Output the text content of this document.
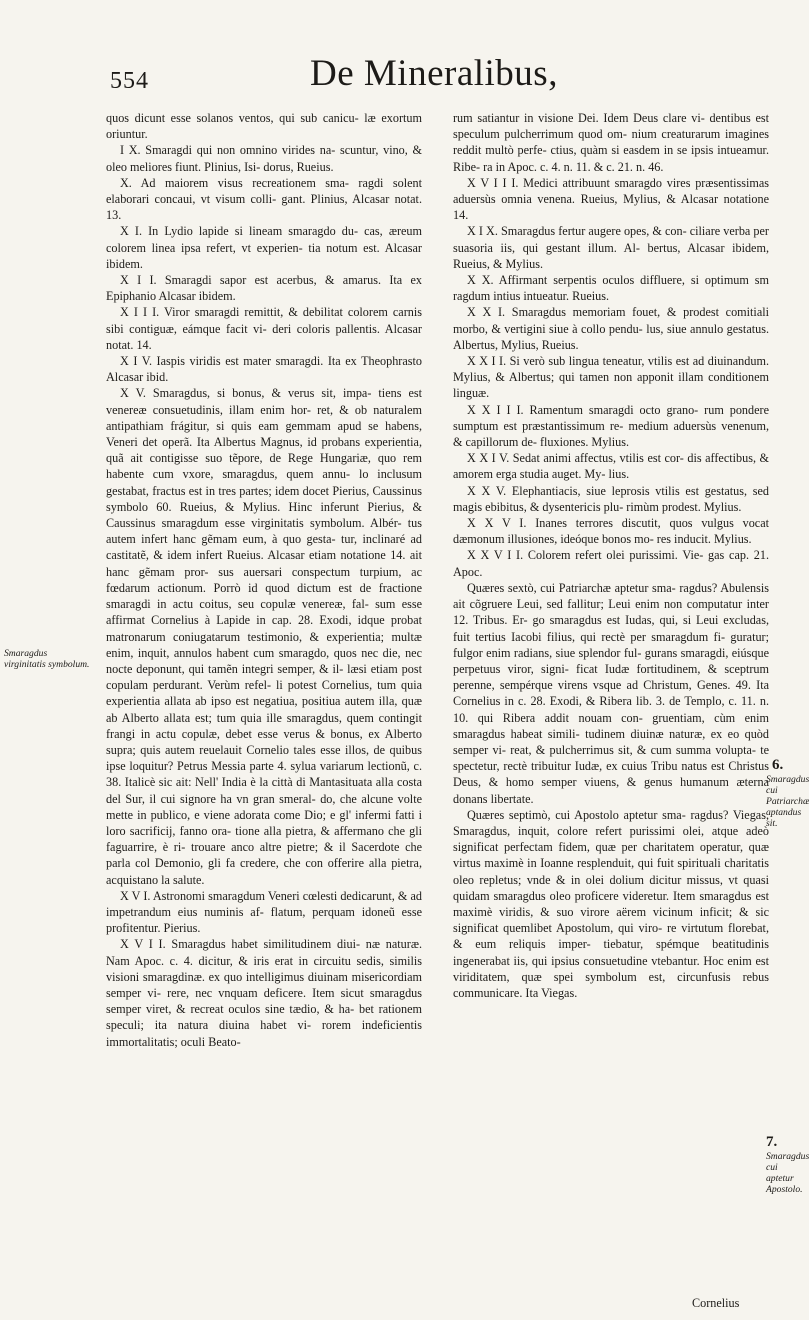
554	De Mineralibus,

quos dicunt esse solanos ventos, qui sub canicu- læ exortum oriuntur.

I X. Smaragdi qui non omnino virides na- scuntur, vino, & oleo meliores fiunt. Plinius, Isi- dorus, Rueius.

X. Ad maiorem visus recreationem sma- ragdi solent elaborari concaui, vt visum colli- gant. Plinius, Alcasar notat. 13.

X I. In Lydio lapide si lineam smaragdo du- cas, æreum colorem linea ipsa refert, vt experien- tia notum est. Alcasar ibidem.

X I I. Smaragdi sapor est acerbus, & amarus. Ita ex Epiphanio Alcasar ibidem.

X I I I. Viror smaragdi remittit, & debilitat colorem carnis sibi contiguæ, eámque facit vi- deri coloris pallentis. Alcasar notat. 14.

X I V. Iaspis viridis est mater smaragdi. Ita ex Theophrasto Alcasar ibid.

X V. Smaragdus, si bonus, & verus sit, impa- tiens est venereæ consuetudinis, illam enim hor- ret, & ob naturalem antipathiam frágitur, si quis eam gemmam apud se habens, Veneri det operã. Ita Albertus Magnus, id probans experientia, quã ait contigisse suo tẽpore, de Rege Hungariæ, quo rem habente cum vxore, smaragdus, quem annu- lo inclusum gestabat, fractus est in tres partes; idem docet Pierius, Caussinus symbolo 60. Rueius, & Mylius. Hinc inferunt Pierius, & Caussinus smaragdum esse virginitatis symbolum. Albér- tus autem infert hanc gẽmam eum, à quo gesta- tur, inclinaré ad castitatẽ, & idem infert Rueius. Alcasar etiam notatione 14. ait hanc gẽmam pror- sus auersari conspectum turpium, ac fœdarum actionum. Porrò id quod dictum est de fractione smaragdi in actu coitus, seu copulæ venereæ, fal- sum esse affirmat Cornelius à Lapide in cap. 28. Exodi, idque probat matronarum coniugatarum testimonio, & experientia; multæ enim, inquit, annulos habent cum smaragdo, quos nec die, nec nocte deponunt, qui tamẽn integri semper, & il- læsi etiam post copulam perdurant. Verùm refel- li potest Cornelius, tum quia experientia allata ab ipso est negatiua, positiua autem illa, quæ ab Alberto allata est; tum quia ille smaragdus, quem contingit frangi in actu copulæ, debet esse verus & bonus, ex Alberto supra; quis autem reuelauit Cornelio tales esse illos, de quibus ipse loquitur? Petrus Messia parte 4. sylua variarum lectionũ, c. 38. Italicè sic ait: Nell' India è la città di Mantasituata alla costa del Sur, il cui signore ha vn gran smeral- do, che alcune volte mette in publico, e viene adorata come Dio; e gl' infermi fatti i loro sacrificij, fanno ora- tione alla pietra, & affermano che gli faguarrire, è ri- trouare anco altre pietre; & il Sacerdote che parla col Demonio, gli fa credere, che con offerire alla pietra, acquistano la salute.

X V I. Astronomi smaragdum Veneri cœlesti dedicarunt, & ad impetrandum eius numinis af- flatum, perquam idoneũ esse profitentur. Pierius.

X V I I. Smaragdus habet similitudinem diui- næ naturæ. Nam Apoc. c. 4. dicitur, & iris erat in circuitu sedis, similis visioni smaragdinæ. ex quo intelligimus diuinam misericordiam semper vi- rere, nec vnquam deficere. Item sicut smaragdus semper viret, & recreat oculos sine tædio, & ha- bet rationem speculi; ita natura diuina habet vi- rorem indeficientis immortalitatis; oculi Beato-

rum satiantur in visione Dei. Idem Deus clare vi- dentibus est speculum pulcherrimum quod om- nium creaturarum imagines reddit multò perfe- ctius, quàm si easdem in se ipsis intueamur. Ribe- ra in Apoc. c. 4. n. 11. & c. 21. n. 46.

X V I I I. Medici attribuunt smaragdo vires præsentissimas aduersùs omnia venena. Rueius, Mylius, & Alcasar notatione 14.

X I X. Smaragdus fertur augere opes, & con- ciliare verba per suasoria iis, qui gestant illum. Al- bertus, Alcasar ibidem, Rueius, & Mylius.

X X. Affirmant serpentis oculos diffluere, si optimum sm ragdum intius intueatur. Rueius.

X X I. Smaragdus memoriam fouet, & prodest comitiali morbo, & vertigini siue à collo pendu- lus, siue annulo gestatus. Albertus, Mylius, Rueius.

X X I I. Si verò sub lingua teneatur, vtilis est ad diuinandum. Mylius, & Albertus; qui tamen non apponit illam conditionem linguæ.

X X I I I. Ramentum smaragdi octo grano- rum pondere sumptum est præstantissimum re- medium aduersùs venenum, & capillorum de- fluxiones. Mylius.

X X I V. Sedat animi affectus, vtilis est cor- dis affectibus, & amorem erga studia auget. My- lius.

X X V. Elephantiacis, siue leprosis vtilis est gestatus, sed magis ebibitus, & dysentericis plu- rimùm prodest. Mylius.

X X V I. Inanes terrores discutit, quos vulgus vocat dæmonum illusiones, ideóque bonos mo- res inducit. Mylius.

X X V I I. Colorem refert olei purissimi. Vie- gas cap. 21. Apoc.

Quæres sextò, cui Patriarchæ aptetur sma- ragdus? Abulensis ait cõgruere Leui, sed fallitur; Leui enim non computatur inter 12. Tribus. Er- go smaragdus est Iudas, qui, si Leui excludas, fuit tertius Iacobi filius, qui rectè per smaragdum fi- guratur; fulgor enim radians, siue splendor ful- gurans smaragdi, eiúsque perpetuus viror, signi- ficat Iudæ fortitudinem, & sceptrum perenne, sempérque virens vsque ad Christum, Genes. 49. Ita Cornelius in c. 28. Exodi, & Ribera lib. 3. de Templo, c. 11. n. 10. qui Ribera addit nouam con- gruentiam, cùm enim smaragdus habeat simili- tudinem diuinæ naturæ, ex eo quòd semper vi- reat, & pulcherrimus sit, & cum summa volupta- te spectetur, rectè tribuitur Iudæ, ex cuius Tribu natus est Christus Deus, & homo semper viuens, & genus humanum æterna donans libertate.

Quæres septimò, cui Apostolo aptetur sma- ragdus? Viegas, Smaragdus, inquit, colore refert purissimi olei, atque adeò significat perfectam fidem, quæ per charitatem operatur, quæ virtus maximè in Ioanne resplenduit, qui fuit spirituali charitatis oleo repletus; vnde & in olei dolium dicitur missus, vt quasi quidam smaragdus oleo proficere videretur. Item smaragdus est maximè viridis, & suo virore aërem vicinum inficit; & sic significat quemlibet Apostolum, qui viro- re virtutum florebat, & eum reliquis imper- tiebatur, spémque beatitudinis ingenerabat iis, qui ipsius consuetudine vtebantur. Hoc enim est viriditatem, quæ spei symbolum est, circunfusis rebus communicare. Ita Viegas.

Smaragdus virginitatis symbolum.
6.
Smaragdus cui Patriarchæ aptandus sit.
7.
Smaragdus cui aptetur Apostolo.
Cornelius
